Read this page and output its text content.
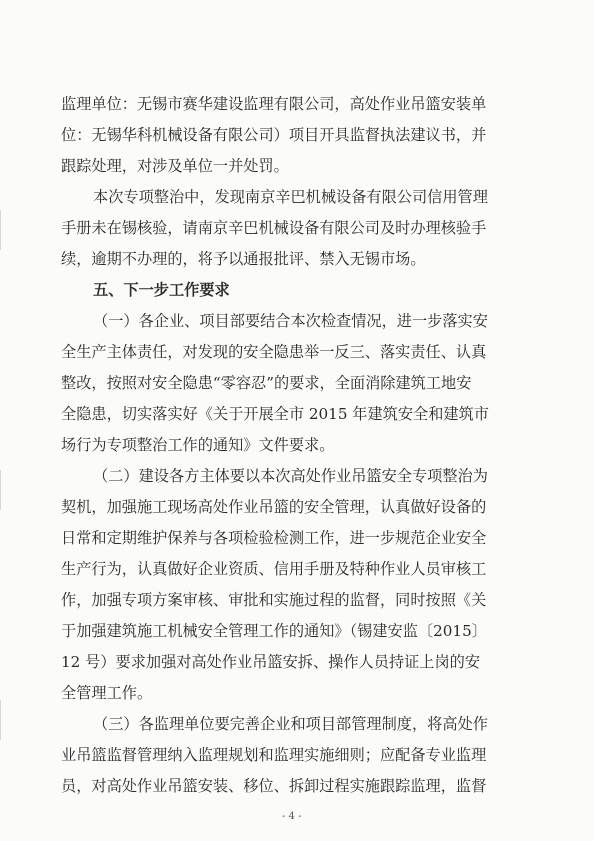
监理单位：无锡市赛华建设监理有限公司，高处作业吊篮安装单
位：无锡华科机械设备有限公司）项目开具监督执法建议书，并
跟踪处理，对涉及单位一并处罚。
本次专项整治中，发现南京辛巴机械设备有限公司信用管理
手册未在锡核验，请南京辛巴机械设备有限公司及时办理核验手
续，逾期不办理的，将予以通报批评、禁入无锡市场。
五、下一步工作要求
（一）各企业、项目部要结合本次检查情况，进一步落实安
全生产主体责任，对发现的安全隐患举一反三、落实责任、认真
整改，按照对安全隐患“零容忍”的要求，全面消除建筑工地安
全隐患，切实落实好《关于开展全市 2015 年建筑安全和建筑市
场行为专项整治工作的通知》文件要求。
（二）建设各方主体要以本次高处作业吊篮安全专项整治为
契机，加强施工现场高处作业吊篮的安全管理，认真做好设备的
日常和定期维护保养与各项检验检测工作，进一步规范企业安全
生产行为，认真做好企业资质、信用手册及特种作业人员审核工
作，加强专项方案审核、审批和实施过程的监督，同时按照《关
于加强建筑施工机械安全管理工作的通知》（锡建安监〔2015〕
12 号）要求加强对高处作业吊篮安拆、操作人员持证上岗的安
全管理工作。
（三）各监理单位要完善企业和项目部管理制度，将高处作
业吊篮监督管理纳入监理规划和监理实施细则；应配备专业监理
员，对高处作业吊篮安装、移位、拆卸过程实施跟踪监理，监督
- 4 -
